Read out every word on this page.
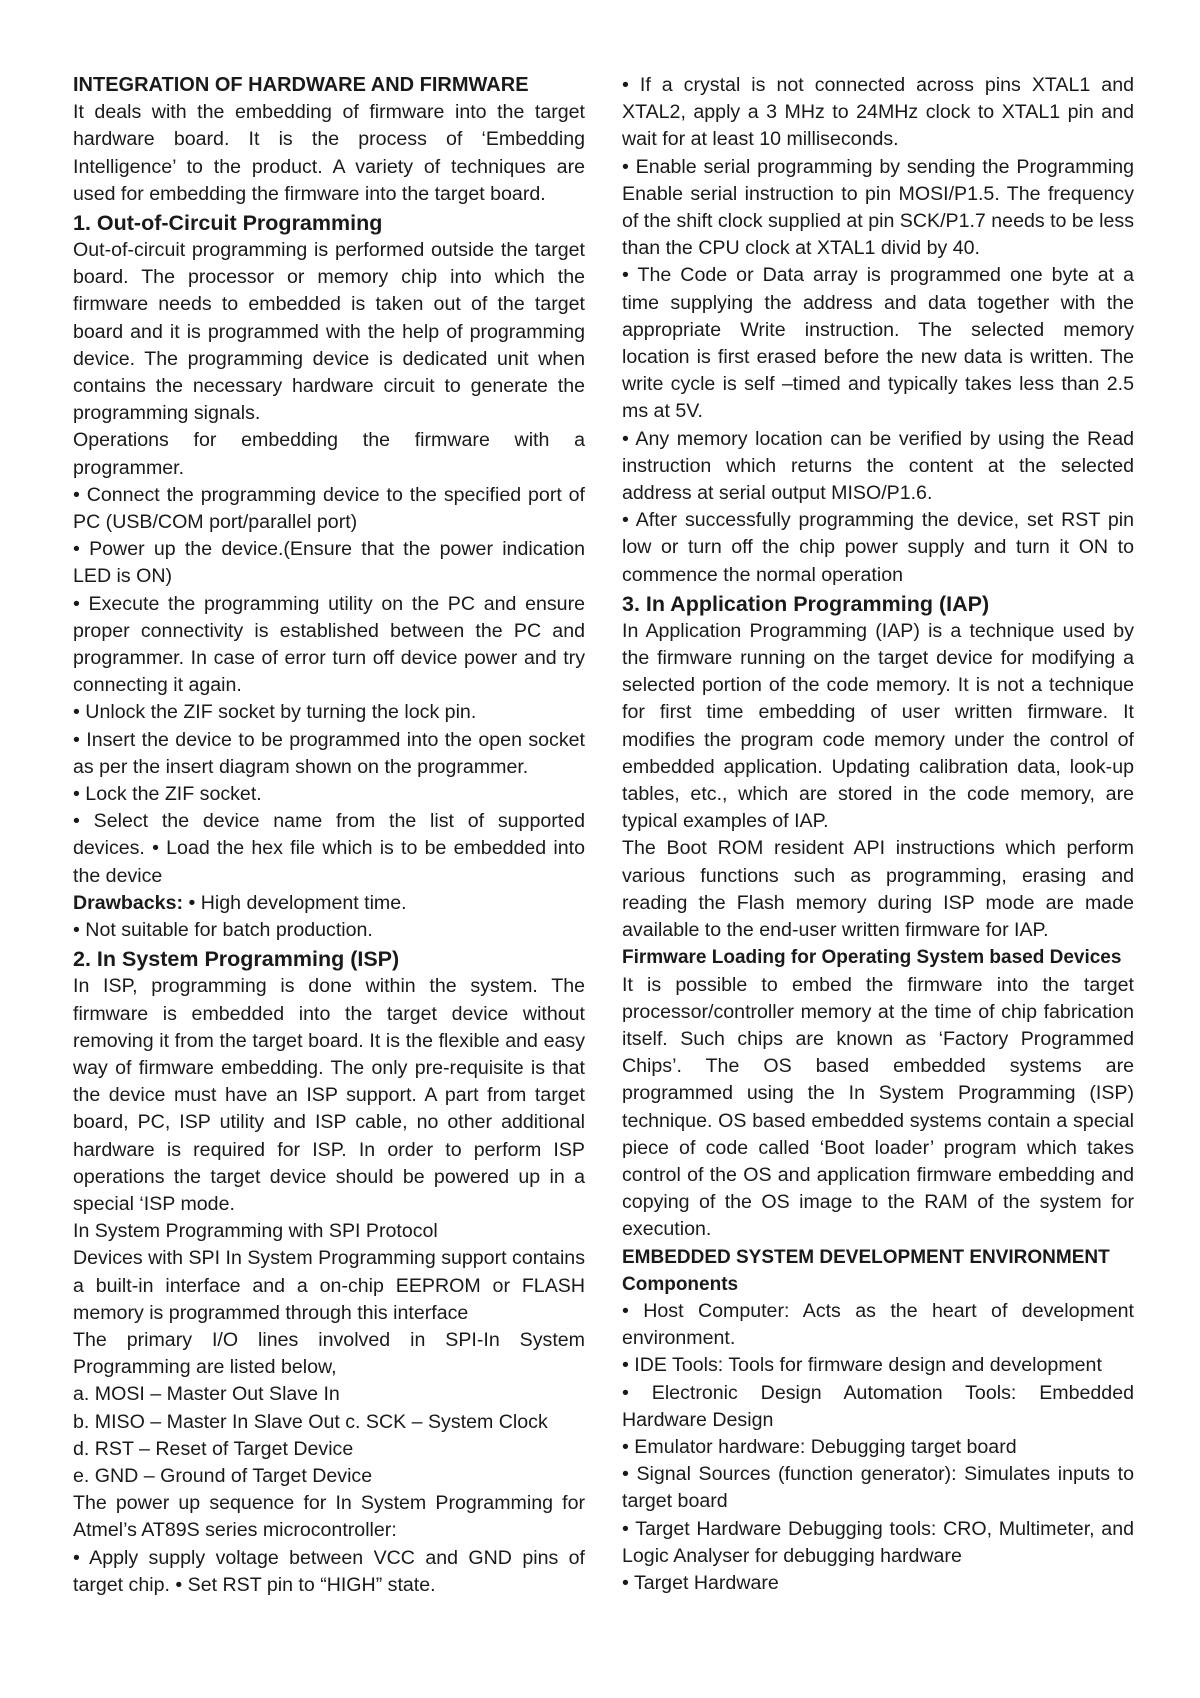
INTEGRATION OF HARDWARE AND FIRMWARE

It deals with the embedding of firmware into the target hardware board. It is the process of ‘Embedding Intelligence’ to the product. A variety of techniques are used for embedding the firmware into the target board.

1. Out-of-Circuit Programming

Out-of-circuit programming is performed outside the target board. The processor or memory chip into which the firmware needs to embedded is taken out of the target board and it is programmed with the help of programming device. The programming device is dedicated unit when contains the necessary hardware circuit to generate the programming signals.

Operations for embedding the firmware with a programmer.

• Connect the programming device to the specified port of PC (USB/COM port/parallel port)

• Power up the device.(Ensure that the power indication LED is ON)

• Execute the programming utility on the PC and ensure proper connectivity is established between the PC and programmer. In case of error turn off device power and try connecting it again.

• Unlock the ZIF socket by turning the lock pin.

• Insert the device to be programmed into the open socket as per the insert diagram shown on the programmer.

• Lock the ZIF socket.

• Select the device name from the list of supported devices. • Load the hex file which is to be embedded into the device

Drawbacks: • High development time.

• Not suitable for batch production.

2. In System Programming (ISP)

In ISP, programming is done within the system. The firmware is embedded into the target device without removing it from the target board. It is the flexible and easy way of firmware embedding. The only pre-requisite is that the device must have an ISP support. A part from target board, PC, ISP utility and ISP cable, no other additional hardware is required for ISP. In order to perform ISP operations the target device should be powered up in a special ‘ISP mode.

In System Programming with SPI Protocol

Devices with SPI In System Programming support contains a built-in interface and a on-chip EEPROM or FLASH memory is programmed through this interface

The primary I/O lines involved in SPI-In System Programming are listed below,

a. MOSI – Master Out Slave In

b. MISO – Master In Slave Out c. SCK – System Clock

d. RST – Reset of Target Device

e. GND – Ground of Target Device

The power up sequence for In System Programming for Atmel’s AT89S series microcontroller:

• Apply supply voltage between VCC and GND pins of target chip. • Set RST pin to “HIGH” state.

• If a crystal is not connected across pins XTAL1 and XTAL2, apply a 3 MHz to 24MHz clock to XTAL1 pin and wait for at least 10 milliseconds.

• Enable serial programming by sending the Programming Enable serial instruction to pin MOSI/P1.5. The frequency of the shift clock supplied at pin SCK/P1.7 needs to be less than the CPU clock at XTAL1 divid by 40.

• The Code or Data array is programmed one byte at a time supplying the address and data together with the appropriate Write instruction. The selected memory location is first erased before the new data is written. The write cycle is self –timed and typically takes less than 2.5 ms at 5V.

• Any memory location can be verified by using the Read instruction which returns the content at the selected address at serial output MISO/P1.6.

• After successfully programming the device, set RST pin low or turn off the chip power supply and turn it ON to commence the normal operation

3. In Application Programming (IAP)

In Application Programming (IAP) is a technique used by the firmware running on the target device for modifying a selected portion of the code memory. It is not a technique for first time embedding of user written firmware. It modifies the program code memory under the control of embedded application. Updating calibration data, look-up tables, etc., which are stored in the code memory, are typical examples of IAP.

The Boot ROM resident API instructions which perform various functions such as programming, erasing and reading the Flash memory during ISP mode are made available to the end-user written firmware for IAP.

Firmware Loading for Operating System based Devices

It is possible to embed the firmware into the target processor/controller memory at the time of chip fabrication itself. Such chips are known as ‘Factory Programmed Chips’. The OS based embedded systems are programmed using the In System Programming (ISP) technique. OS based embedded systems contain a special piece of code called ‘Boot loader’ program which takes control of the OS and application firmware embedding and copying of the OS image to the RAM of the system for execution.

EMBEDDED SYSTEM DEVELOPMENT ENVIRONMENT

Components

• Host Computer: Acts as the heart of development environment.

• IDE Tools: Tools for firmware design and development

• Electronic Design Automation Tools: Embedded Hardware Design

• Emulator hardware: Debugging target board

• Signal Sources (function generator): Simulates inputs to target board

• Target Hardware Debugging tools: CRO, Multimeter, and Logic Analyser for debugging hardware

• Target Hardware
